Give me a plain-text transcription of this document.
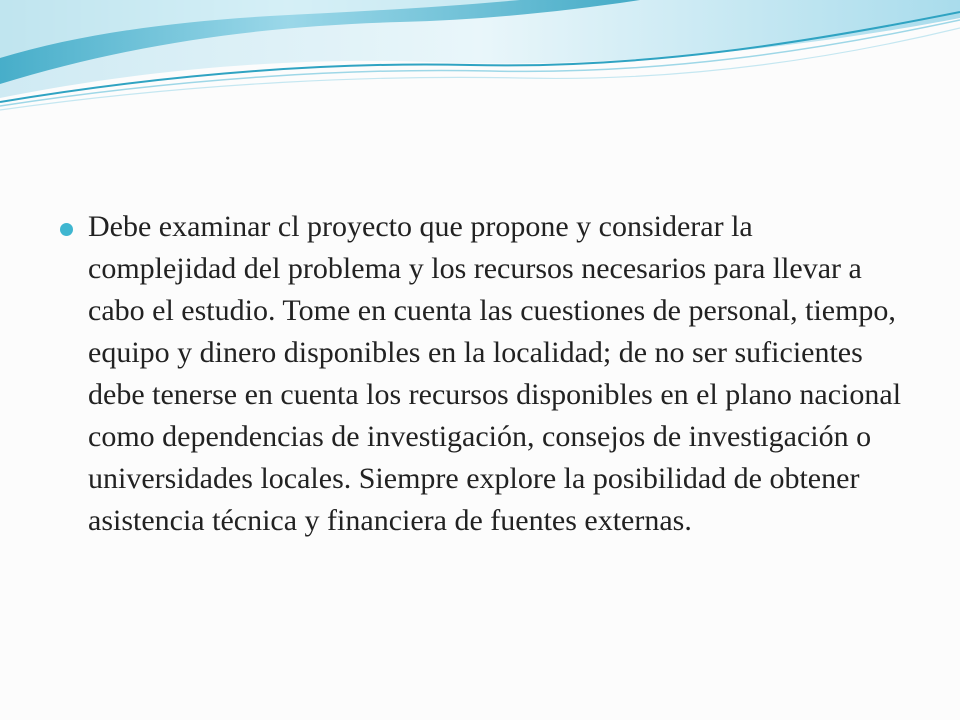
Debe examinar cl proyecto que propone y considerar la complejidad del problema y los recursos necesarios para llevar a cabo el estudio. Tome en cuenta las cuestiones de personal, tiempo, equipo y dinero disponibles en la localidad; de no ser suficientes debe tenerse en cuenta los recursos disponibles en el plano nacional como dependencias de investigación, consejos de investigación o universidades locales. Siempre explore la posibilidad de obtener asistencia técnica y financiera de fuentes externas.
